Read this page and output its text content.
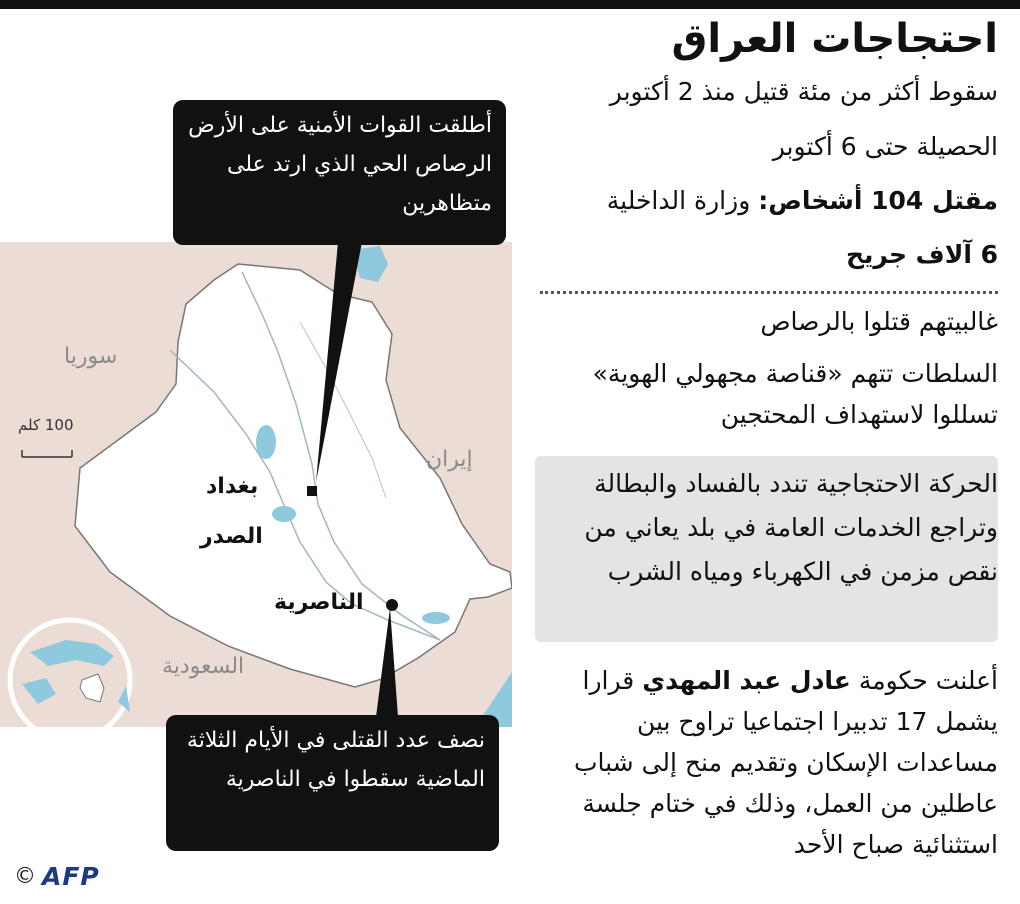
احتجاجات العراق
سقوط أكثر من مئة قتيل منذ 2 أكتوبر
الحصيلة حتى 6 أكتوبر
مقتل 104 أشخاص: وزارة الداخلية
6 آلاف جريح
غالبيتهم قتلوا بالرصاص
السلطات تتهم «قناصة مجهولي الهوية» تسللوا لاستهداف المحتجين
الحركة الاحتجاجية تندد بالفساد والبطالة وتراجع الخدمات العامة في بلد يعاني من نقص مزمن في الكهرباء ومياه الشرب
أعلنت حكومة عادل عبد المهدي قرارا يشمل 17 تدبيرا اجتماعيا تراوح بين مساعدات الإسكان وتقديم منح إلى شباب عاطلين من العمل، وذلك في ختام جلسة استثنائية صباح الأحد
سوريا
إيران
السعودية
بغداد
الصدر
الناصرية
100 كلم
أطلقت القوات الأمنية على الأرض الرصاص الحي الذي ارتد على متظاهرين
نصف عدد القتلى في الأيام الثلاثة الماضية سقطوا في الناصرية
© AFP
